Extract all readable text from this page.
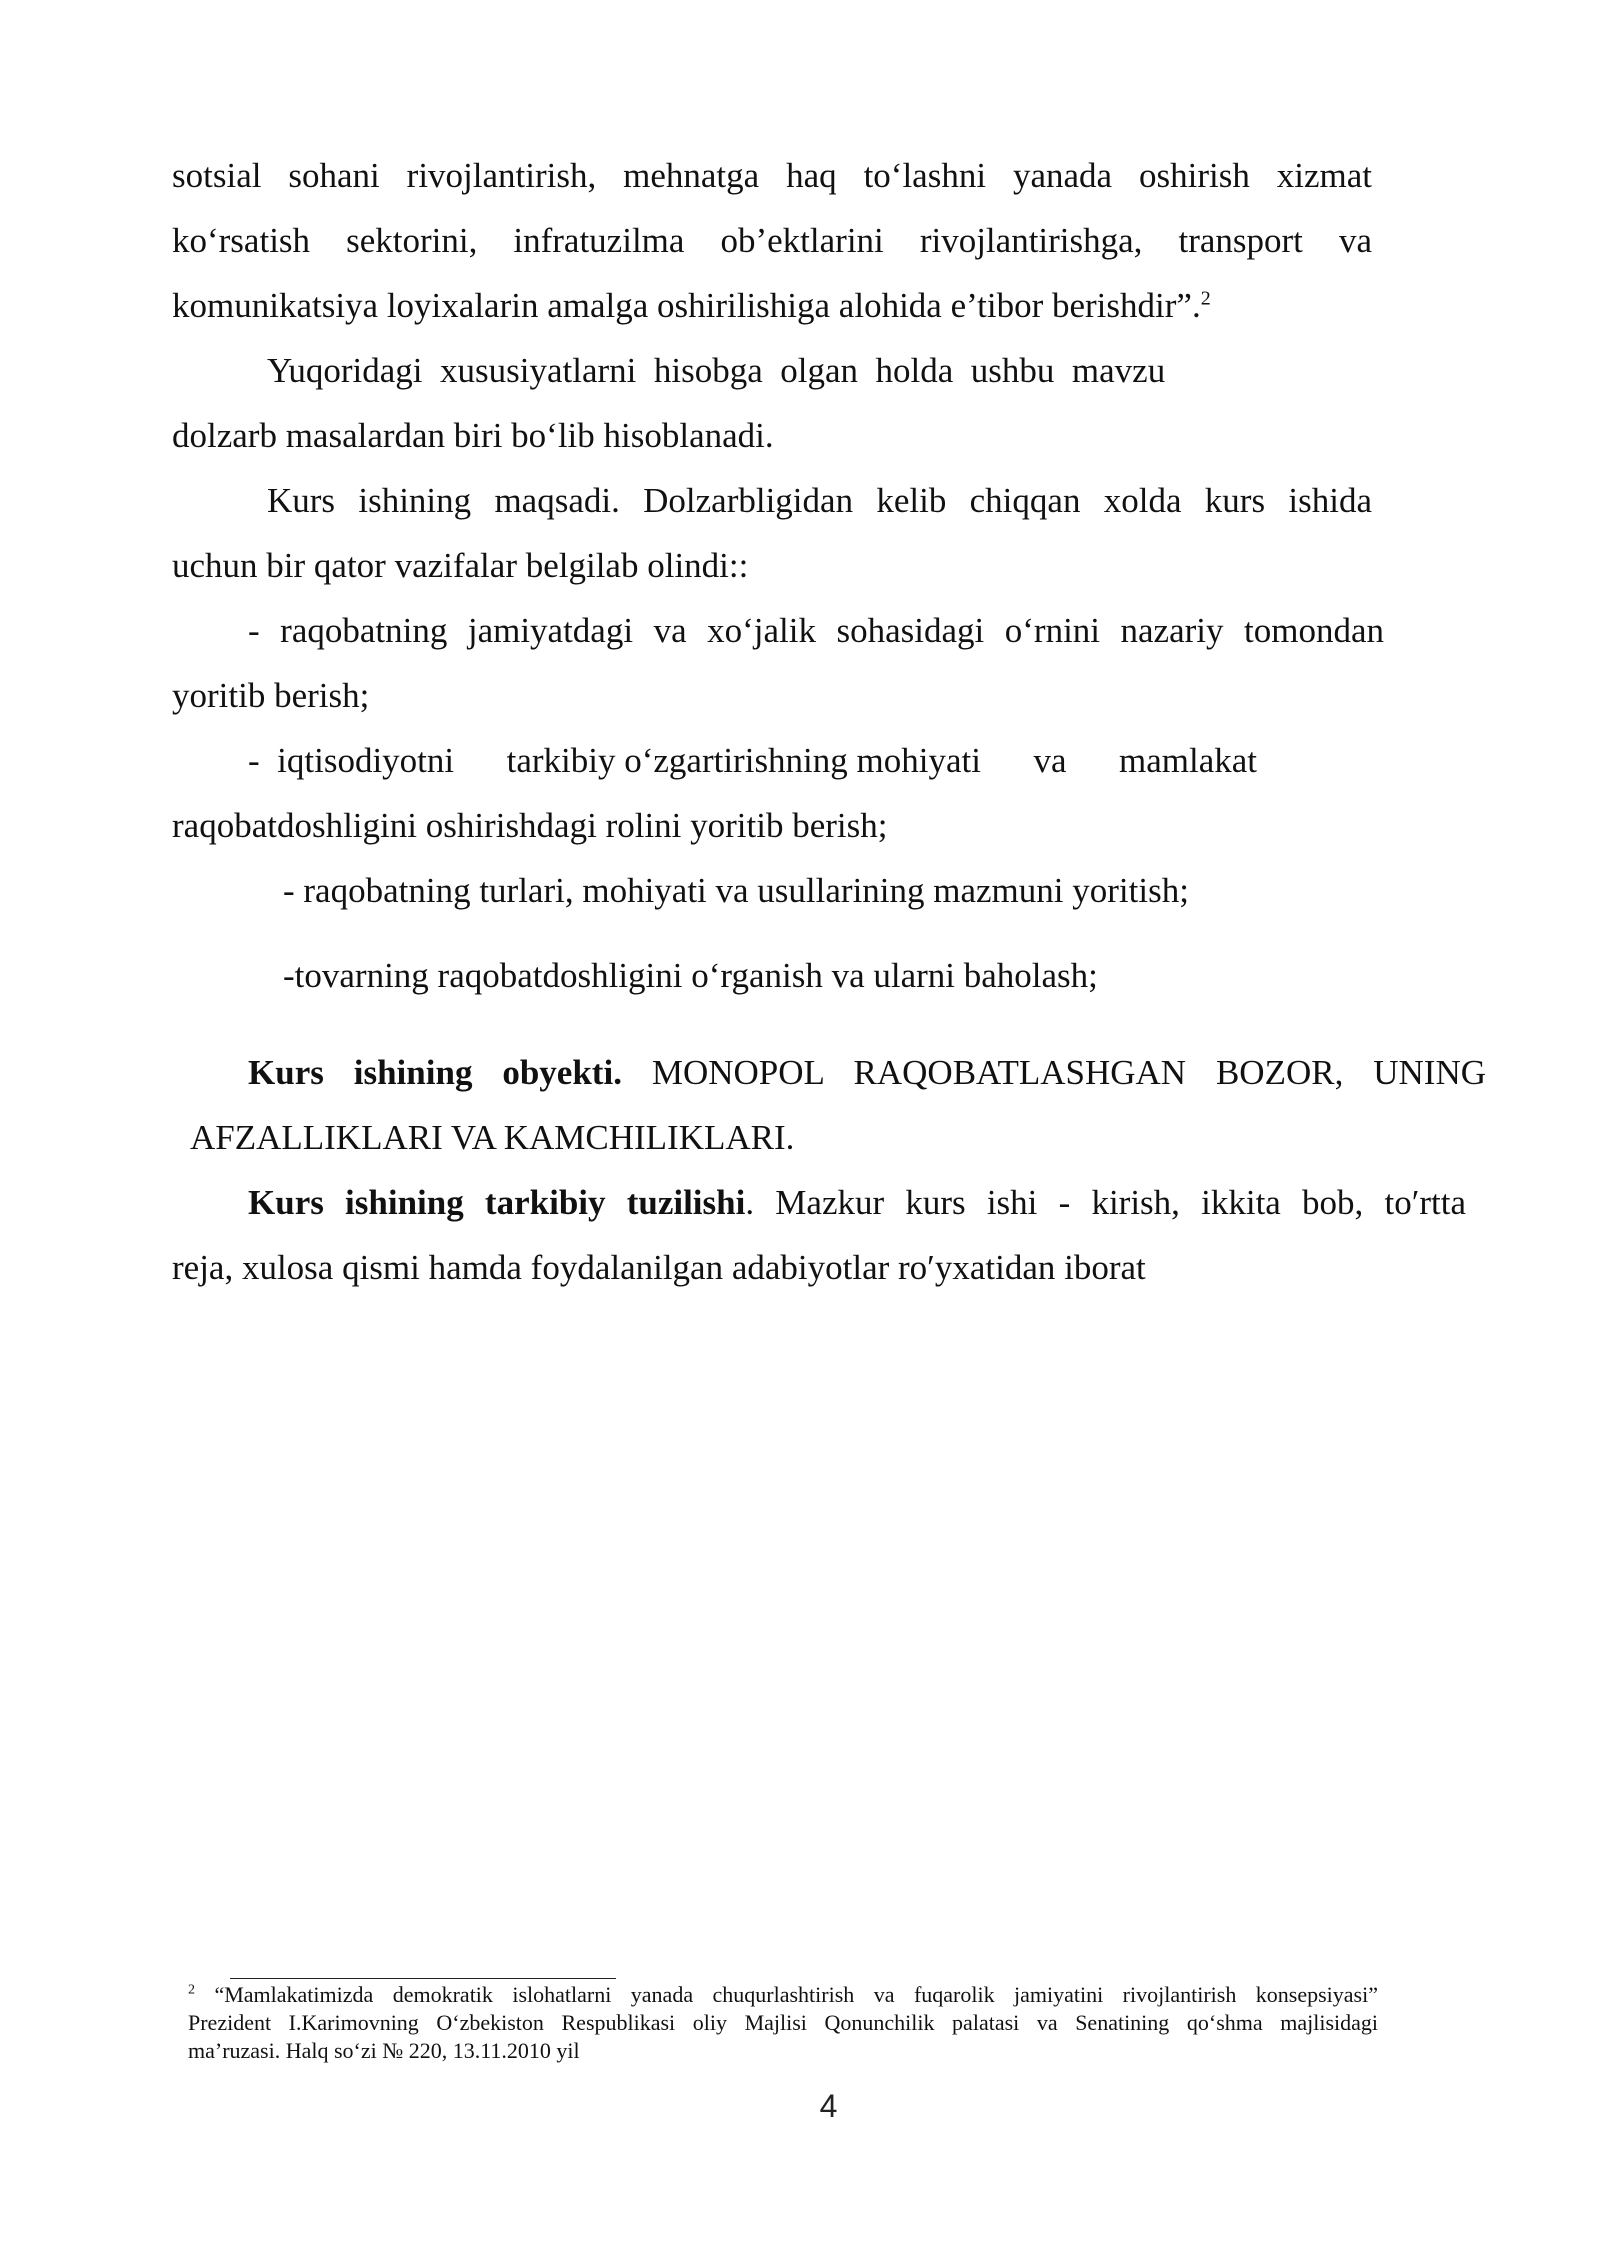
sotsial sohani rivojlantirish, mehnatga haq to‘lashni yanada oshirish xizmat
ko‘rsatish sektorini, infratuzilma ob’ektlarini rivojlantirishga, transport va
komunikatsiya loyixalarin amalga oshirilishiga alohida e’tibor berishdir”.$^2$
Yuqoridagi  xususiyatlarni  hisobga  olgan  holda  ushbu  mavzu
dolzarb masalardan biri bo‘lib hisoblanadi.
Kurs ishining maqsadi. Dolzarbligidan kelib chiqqan xolda kurs ishida
uchun bir qator vazifalar belgilab olindi::
- raqobatning jamiyatdagi va xo‘jalik sohasidagi o‘rnini nazariy tomondan
yoritib berish;
-  iqtisodiyotni      tarkibiy o‘zgartirishning mohiyati      va      mamlakat
raqobatdoshligini oshirishdagi rolini yoritib berish;
- raqobatning turlari, mohiyati va usullarining mazmuni yoritish;
-tovarning raqobatdoshligini o‘rganish va ularni baholash;
Kurs ishining obyekti. MONOPOL RAQOBATLASHGAN BOZOR, UNING
AFZALLIKLARI VA KAMCHILIKLARI.
Kurs ishining tarkibiy tuzilishi. Mazkur kurs ishi - kirish, ikkita bob, to′rtta
reja, xulosa qismi hamda foydalanilgan adabiyotlar ro′yxatidan iborat
$^2$ “Mamlakatimizda demokratik islohatlarni yanada chuqurlashtirish va fuqarolik jamiyatini rivojlantirish konsepsiyasi”
Prezident I.Karimovning O‘zbekiston Respublikasi oliy Majlisi Qonunchilik palatasi va Senatining qo‘shma majlisidagi
ma’ruzasi. Halq so‘zi № 220, 13.11.2010 yil
4
